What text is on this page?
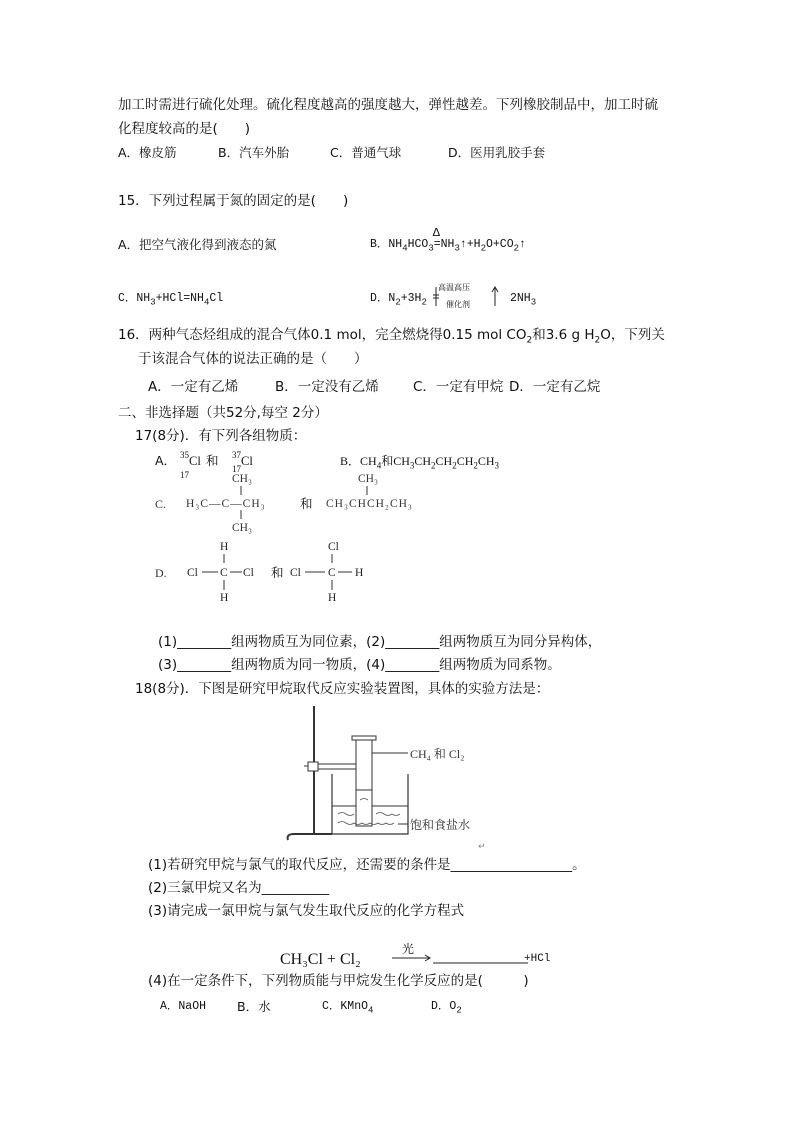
加工时需进行硫化处理。硫化程度越高的强度越大，弹性越差。下列橡胶制品中，加工时硫
化程度较高的是(　　)
A．橡皮筋	B．汽车外胎	C．普通气球	D．医用乳胶手套
15．下列过程属于氮的固定的是(　　)
A．把空气液化得到液态的氮	B．$NH_4HCO_3=$
Δ
$NH_3↑+H_2O+CO_2↑$
C．$NH_3+HCl=NH_4Cl$	D．$N_2+3H_2$
高温高压
催化剂	$2NH_3$
16．两种气态烃组成的混合气体0.1 mol，完全燃烧得0.15 mol $CO_2$和3.6 g $H_2O$，下列关
于该混合气体的说法正确的是（　　）
A．一定有乙烯	B．一定没有乙烯	C．一定有甲烷 D．一定有乙烷
二、非选择题（共52分,每空 2分）
17(8分)．有下列各组物质：
A． 35
17
Cl 和 37
17
Cl	B．$CH_4$和$CH_3CH_2CH_2CH_2CH_3$
C.
CH₃
H₃C—C—CH₃
CH₃
和
CH₃
CH₃CHCH₂CH₃
D.
H
Cl C Cl
H
Cl
Cl C H
H
和
(1)________组两物质互为同位素，(2)________组两物质互为同分异构体，
(3)________组两物质为同一物质，(4)________组两物质为同系物。
18(8分)．下图是研究甲烷取代反应实验装置图，具体的实验方法是：
CH₄ 和 Cl₂
饱和食盐水
↵
(1)若研究甲烷与氯气的取代反应，还需要的条件是__________________。
(2)三氯甲烷又名为__________
(3)请完成一氯甲烷与氯气发生取代反应的化学方程式
CH₃Cl + Cl₂
光
+HCl
(4)在一定条件下，下列物质能与甲烷发生化学反应的是(　　　)
A．NaOH B．水	C．KMnO$_4$	D．$O_2$
